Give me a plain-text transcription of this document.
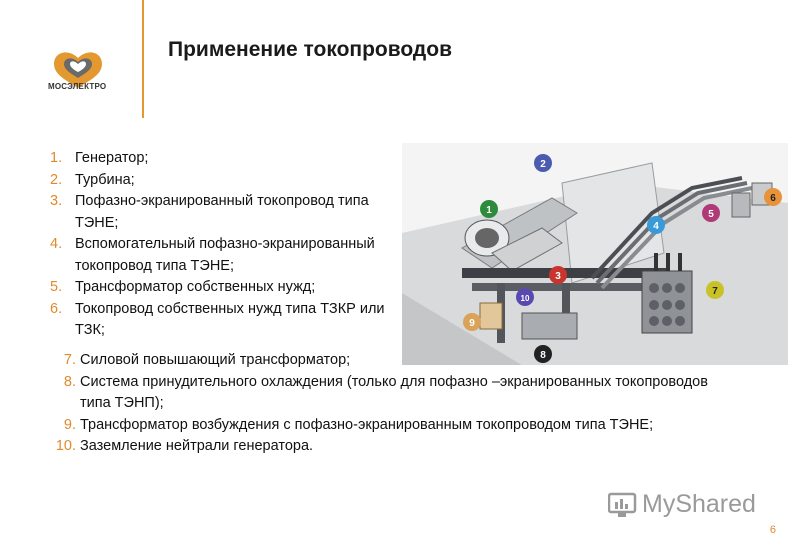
МОСЭЛЕКТРО
Применение токопроводов
1. Генератор;
2. Турбина;
3. Пофазно-экранированный токопровод типа ТЭНЕ;
4. Вспомогательный пофазно-экранированный токопровод типа ТЭНЕ;
5. Трансформатор собственных нужд;
6. Токопровод собственных нужд типа ТЗКР или ТЗК;
7. Силовой повышающий трансформатор;
8. Система принудительного охлаждения (только для пофазно –экранированных токопроводов типа ТЭНП);
9. Трансформатор возбуждения с пофазно-экранированным токопроводом типа ТЭНЕ;
10. Заземление нейтрали генератора.
1
2
3
4
5
6
7
8
9
10
MyShared
6
